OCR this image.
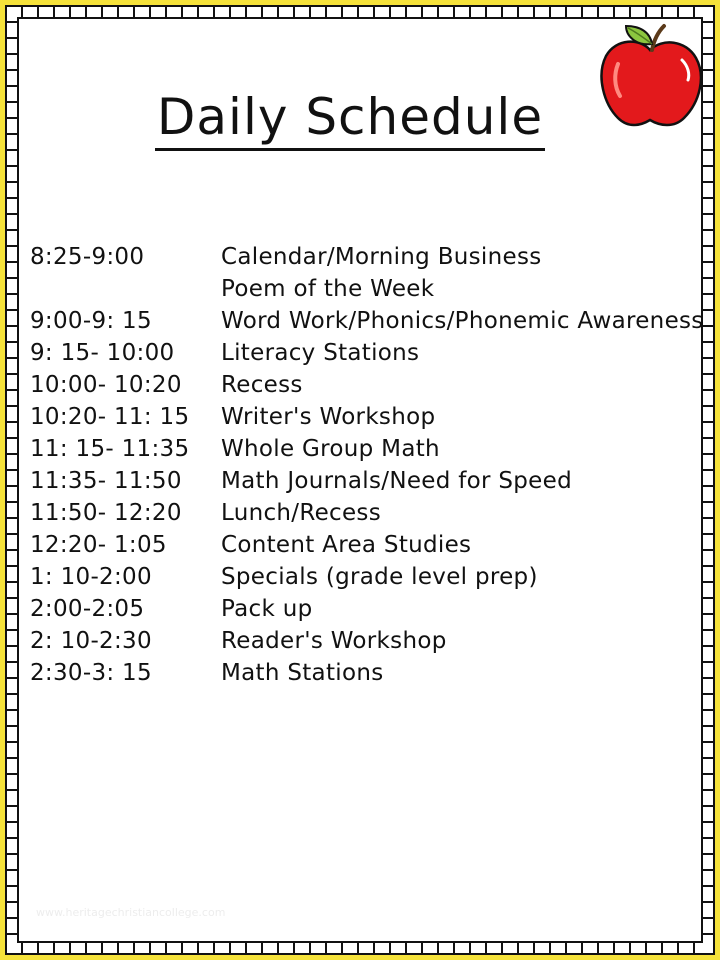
Daily Schedule
8:25-9:00	Calendar/Morning Business
Poem of the Week
9:00-9: 15	Word Work/Phonics/Phonemic Awareness
9: 15- 10:00 Literacy Stations
10:00- 10:20 Recess
10:20- 11: 15 Writer's Workshop
11: 15- 11:35 Whole Group Math
11:35- 11:50 Math Journals/Need for Speed
11:50- 12:20 Lunch/Recess
12:20- 1:05 Content Area Studies
1: 10-2:00	Specials (grade level prep)
2:00-2:05	Pack up
2: 10-2:30	Reader's Workshop
2:30-3: 15	Math Stations
www.heritagechristiancollege.com
